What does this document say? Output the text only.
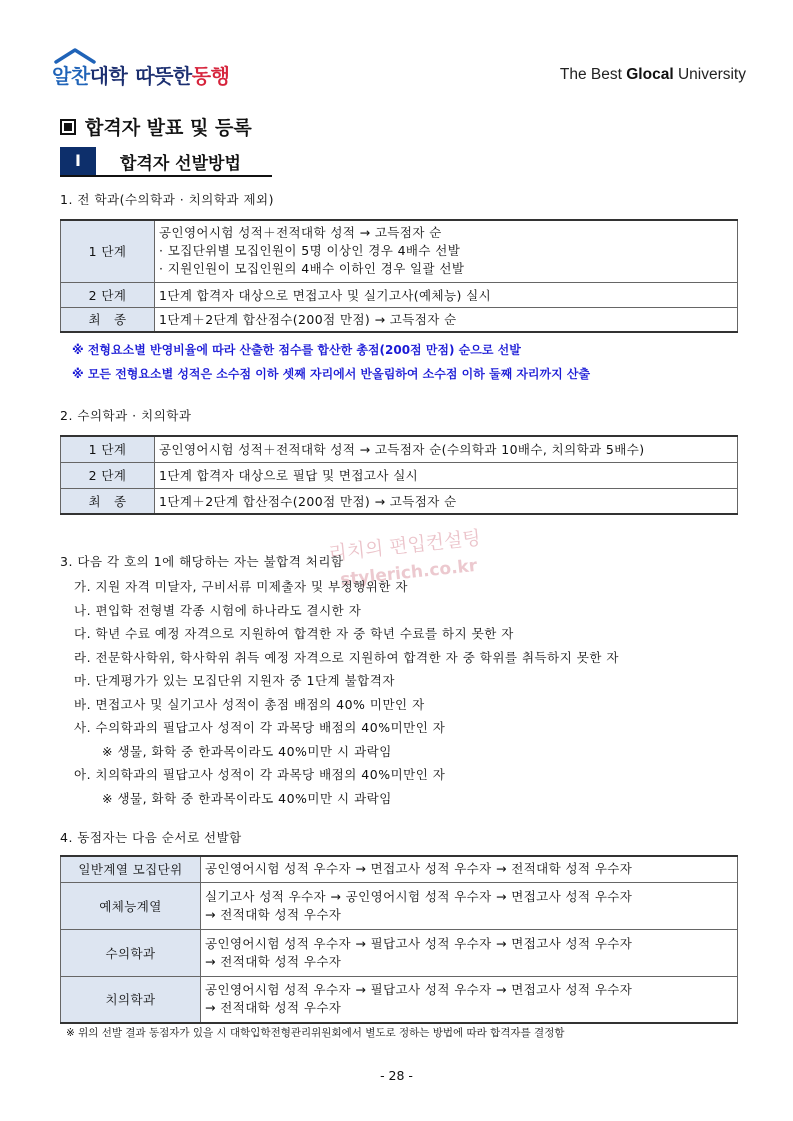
알찬대학 따뜻한동행	The Best Glocal University
합격자 발표 및 등록
I	합격자 선발방법
1. 전 학과(수의학과 · 치의학과 제외)
1 단계	공인영어시험 성적＋전적대학 성적 → 고득점자 순
· 모집단위별 모집인원이 5명 이상인 경우 4배수 선발
· 지원인원이 모집인원의 4배수 이하인 경우 일괄 선발

2 단계	1단계 합격자 대상으로 면접고사 및 실기고사(예체능) 실시
최   종	1단계＋2단계 합산점수(200점 만점) → 고득점자 순
※ 전형요소별 반영비율에 따라 산출한 점수를 합산한 총점(200점 만점) 순으로 선발
※ 모든 전형요소별 성적은 소수점 이하 셋째 자리에서 반올림하여 소수점 이하 둘째 자리까지 산출
2. 수의학과 · 치의학과
1 단계	공인영어시험 성적＋전적대학 성적 → 고득점자 순(수의학과 10배수, 치의학과 5배수)
2 단계	1단계 합격자 대상으로 필답 및 면접고사 실시
최   종	1단계＋2단계 합산점수(200점 만점) → 고득점자 순
리치의 편입컨설팅
stylerich.co.kr
3. 다음 각 호의 1에 해당하는 자는 불합격 처리함
가. 지원 자격 미달자, 구비서류 미제출자 및 부정행위한 자
나. 편입학 전형별 각종 시험에 하나라도 결시한 자
다. 학년 수료 예정 자격으로 지원하여 합격한 자 중 학년 수료를 하지 못한 자
라. 전문학사학위, 학사학위 취득 예정 자격으로 지원하여 합격한 자 중 학위를 취득하지 못한 자
마. 단계평가가 있는 모집단위 지원자 중 1단계 불합격자
바. 면접고사 및 실기고사 성적이 총점 배점의 40% 미만인 자
사. 수의학과의 필답고사 성적이 각 과목당 배점의 40%미만인 자
※ 생물, 화학 중 한과목이라도 40%미만 시 과락임
아. 치의학과의 필답고사 성적이 각 과목당 배점의 40%미만인 자
※ 생물, 화학 중 한과목이라도 40%미만 시 과락임
4. 동점자는 다음 순서로 선발함
일반계열 모집단위	공인영어시험 성적 우수자 → 면접고사 성적 우수자 → 전적대학 성적 우수자

예체능계열	실기고사 성적 우수자 → 공인영어시험 성적 우수자 → 면접고사 성적 우수자
→ 전적대학 성적 우수자

수의학과	공인영어시험 성적 우수자 → 필답고사 성적 우수자 → 면접고사 성적 우수자
→ 전적대학 성적 우수자

치의학과	공인영어시험 성적 우수자 → 필답고사 성적 우수자 → 면접고사 성적 우수자
→ 전적대학 성적 우수자
※ 위의 선발 결과 동점자가 있을 시 대학입학전형관리위원회에서 별도로 정하는 방법에 따라 합격자를 결정함
- 28 -
